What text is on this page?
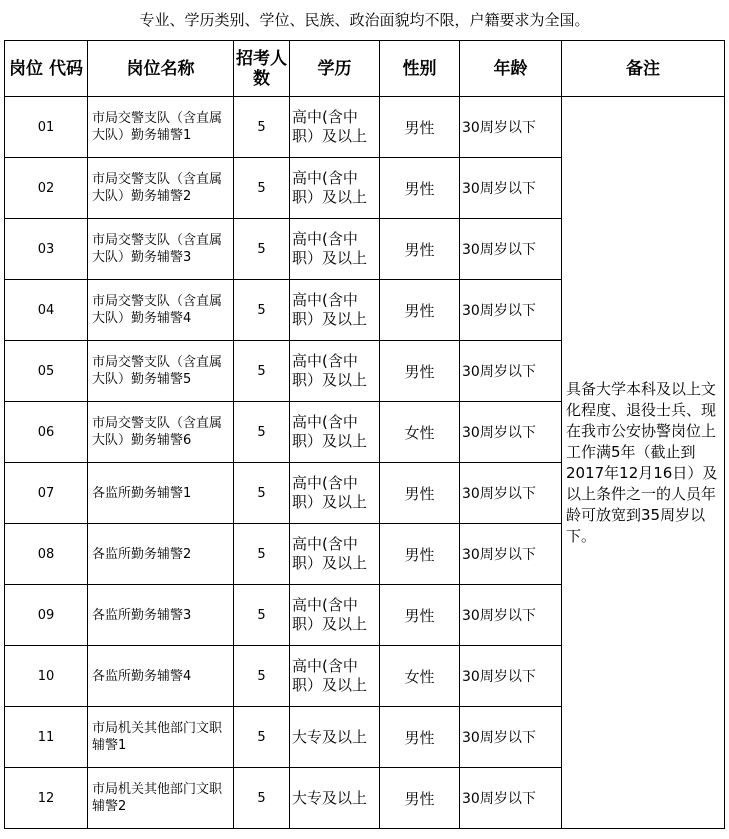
专业、学历类别、学位、民族、政治面貌均不限，户籍要求为全国。
岗位 代码	岗位名称	招考人数	学历	性别	年龄	备注
01	市局交警支队（含直属大队）勤务辅警1	5	高中(含中职）及以上	男性	30周岁以下	具备大学本科及以上文化程度、退役士兵、现在我市公安协警岗位上工作满5年（截止到2017年12月16日）及以上条件之一的人员年龄可放宽到35周岁以下。
02	市局交警支队（含直属大队）勤务辅警2	5	高中(含中职）及以上	男性	30周岁以下	
03	市局交警支队（含直属大队）勤务辅警3	5	高中(含中职）及以上	男性	30周岁以下	
04	市局交警支队（含直属大队）勤务辅警4	5	高中(含中职）及以上	男性	30周岁以下	
05	市局交警支队（含直属大队）勤务辅警5	5	高中(含中职）及以上	男性	30周岁以下	
06	市局交警支队（含直属大队）勤务辅警6	5	高中(含中职）及以上	女性	30周岁以下	
07	各监所勤务辅警1	5	高中(含中职）及以上	男性	30周岁以下	
08	各监所勤务辅警2	5	高中(含中职）及以上	男性	30周岁以下	
09	各监所勤务辅警3	5	高中(含中职）及以上	男性	30周岁以下	
10	各监所勤务辅警4	5	高中(含中职）及以上	女性	30周岁以下	
11	市局机关其他部门文职辅警1	5	大专及以上	男性	30周岁以下	
12	市局机关其他部门文职辅警2	5	大专及以上	男性	30周岁以下	
